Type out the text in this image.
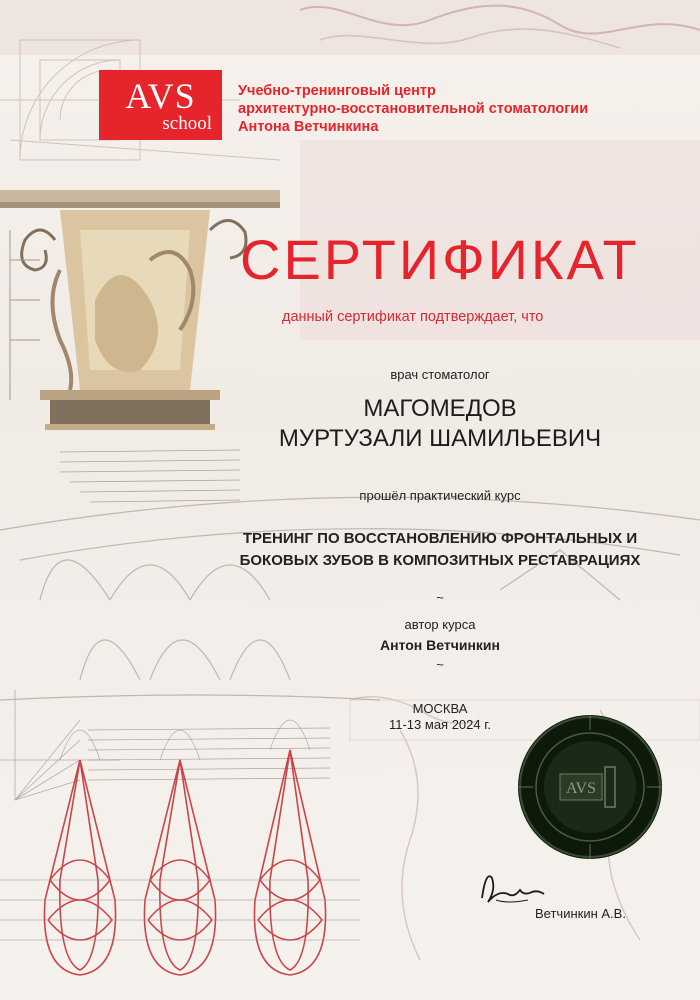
AVS
school
Учебно-тренинговый центр
архитектурно-восстановительной стоматологии
Антона Ветчинкина
СЕРТИФИКАТ
данный сертификат подтверждает, что
врач стоматолог
МАГОМЕДОВ
МУРТУЗАЛИ ШАМИЛЬЕВИЧ
прошёл практический курс
ТРЕНИНГ ПО ВОССТАНОВЛЕНИЮ ФРОНТАЛЬНЫХ И
БОКОВЫХ ЗУБОВ В КОМПОЗИТНЫХ РЕСТАВРАЦИЯХ
~
автор курса
Антон Ветчинкин
~
МОСКВА
11-13 мая 2024 г.
AVS
Ветчинкин А.В.
